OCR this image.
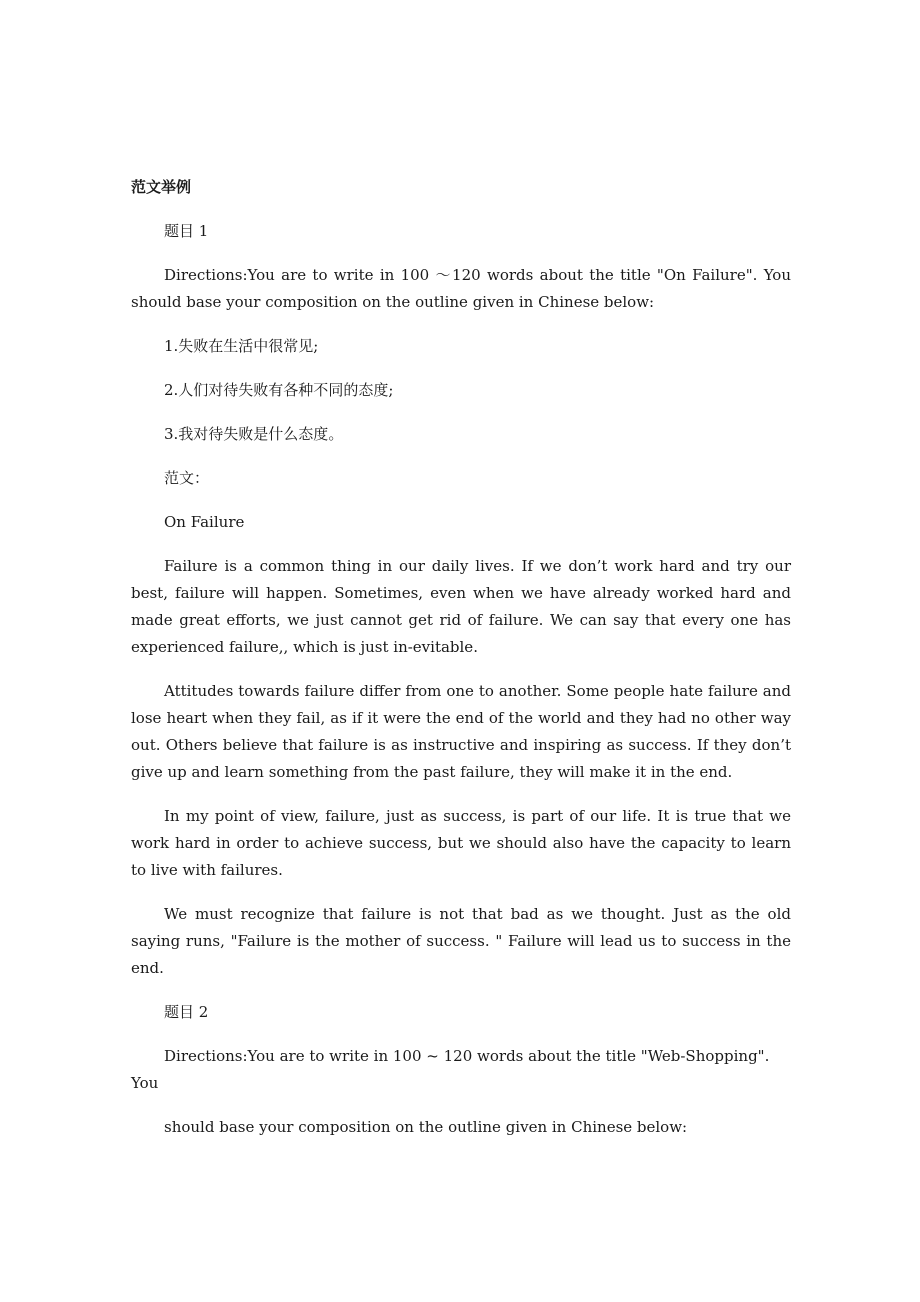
范文举例
题目 1
Directions:You are to write in 100 ～120 words about the title "On Failure". You should base your composition on the outline given in Chinese below:
1.失败在生活中很常见;
2.人们对待失败有各种不同的态度;
3.我对待失败是什么态度。
范文：
On Failure
Failure is a common thing in our daily lives. If we don’t work hard and try our best, failure will happen. Sometimes, even when we have already worked hard and made great efforts, we just cannot get rid of failure. We can say that every one has experienced failure,, which is just in-evitable.
Attitudes towards failure differ from one to another. Some people hate failure and lose heart when they fail, as if it were the end of the world and they had no other way out. Others believe that failure is as instructive and inspiring as success. If they don’t give up and learn something from the past failure, they will make it in the end.
In my point of view, failure, just as success, is part of our life. It is true that we work hard in order to achieve success, but we should also have the capacity to learn to live with failures.
We must recognize that failure is not that bad as we thought. Just as the old saying runs, "Failure is the mother of success. " Failure will lead us to success in the end.
题目 2
Directions:You are to write in 100 ~ 120 words about the title "Web-Shopping". You
should base your composition on the outline given in Chinese below:
